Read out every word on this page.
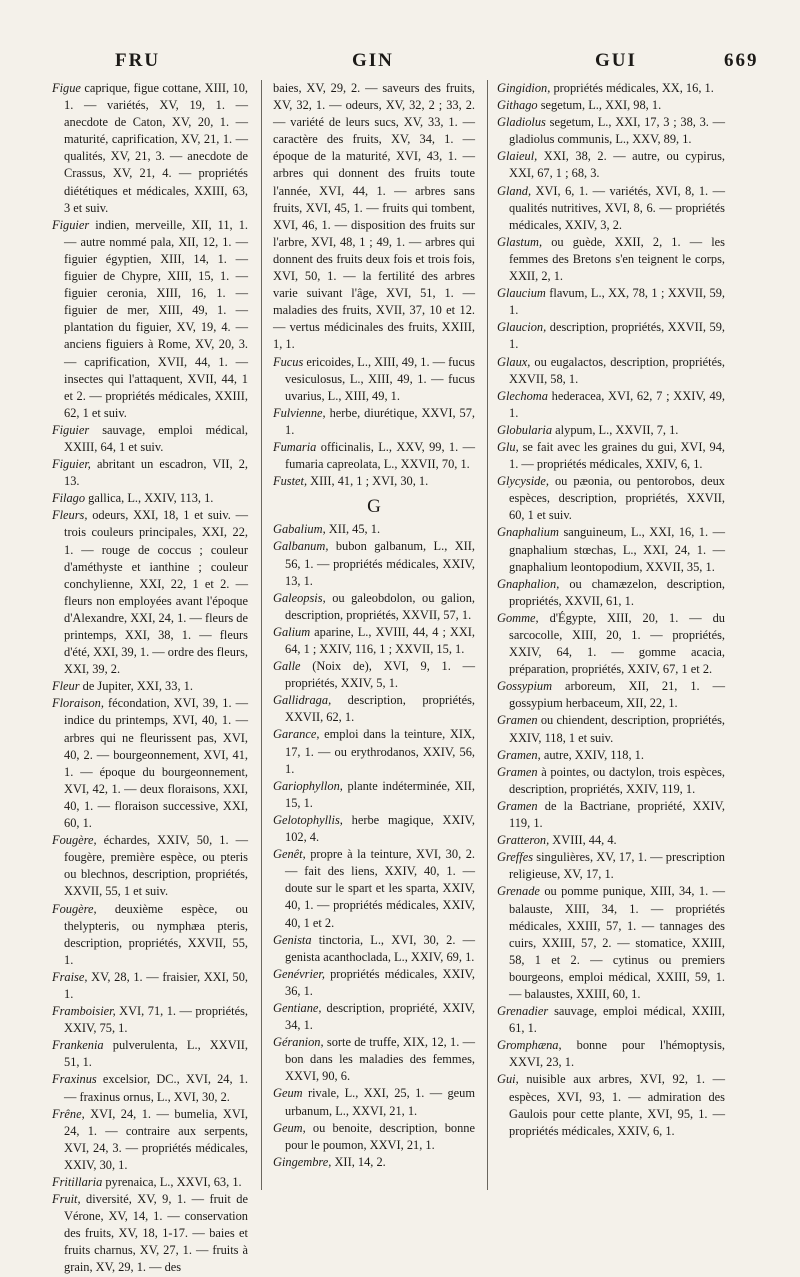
FRU	GIN	GUI	669

Figue caprique, figue cottane, XIII, 10, 1. — variétés, XV, 19, 1. — anecdote de Caton, XV, 20, 1. — maturité, caprification, XV, 21, 1. — qualités, XV, 21, 3. — anecdote de Crassus, XV, 21, 4. — propriétés diététiques et médicales, XXIII, 63, 3 et suiv.

Figuier indien, merveille, XII, 11, 1. — autre nommé pala, XII, 12, 1. — figuier égyptien, XIII, 14, 1. — figuier de Chypre, XIII, 15, 1. — figuier ceronia, XIII, 16, 1. — figuier de mer, XIII, 49, 1. — plantation du figuier, XV, 19, 4. — anciens figuiers à Rome, XV, 20, 3. — caprification, XVII, 44, 1. — insectes qui l'attaquent, XVII, 44, 1 et 2. — propriétés médicales, XXIII, 62, 1 et suiv.

Figuier sauvage, emploi médical, XXIII, 64, 1 et suiv.

Figuier, abritant un escadron, VII, 2, 13.

Filago gallica, L., XXIV, 113, 1.

Fleurs, odeurs, XXI, 18, 1 et suiv. — trois couleurs principales, XXI, 22, 1. — rouge de coccus ; couleur d'améthyste et ianthine ; couleur conchylienne, XXI, 22, 1 et 2. — fleurs non employées avant l'époque d'Alexandre, XXI, 24, 1. — fleurs de printemps, XXI, 38, 1. — fleurs d'été, XXI, 39, 1. — ordre des fleurs, XXI, 39, 2.

Fleur de Jupiter, XXI, 33, 1.

Floraison, fécondation, XVI, 39, 1. — indice du printemps, XVI, 40, 1. — arbres qui ne fleurissent pas, XVI, 40, 2. — bourgeonnement, XVI, 41, 1. — époque du bourgeonnement, XVI, 42, 1. — deux floraisons, XXI, 40, 1. — floraison successive, XXI, 60, 1.

Fougère, échardes, XXIV, 50, 1. — fougère, première espèce, ou pteris ou blechnos, description, propriétés, XXVII, 55, 1 et suiv.

Fougère, deuxième espèce, ou thelypteris, ou nymphæa pteris, description, propriétés, XXVII, 55, 1.

Fraise, XV, 28, 1. — fraisier, XXI, 50, 1.

Framboisier, XVI, 71, 1. — propriétés, XXIV, 75, 1.

Frankenia pulverulenta, L., XXVII, 51, 1.

Fraxinus excelsior, DC., XVI, 24, 1. — fraxinus ornus, L., XVI, 30, 2.

Frêne, XVI, 24, 1. — bumelia, XVI, 24, 1. — contraire aux serpents, XVI, 24, 3. — propriétés médicales, XXIV, 30, 1.

Fritillaria pyrenaica, L., XXVI, 63, 1.

Fruit, diversité, XV, 9, 1. — fruit de Vérone, XV, 14, 1. — conservation des fruits, XV, 18, 1-17. — baies et fruits charnus, XV, 27, 1. — fruits à grain, XV, 29, 1. — des

baies, XV, 29, 2. — saveurs des fruits, XV, 32, 1. — odeurs, XV, 32, 2 ; 33, 2. — variété de leurs sucs, XV, 33, 1. — caractère des fruits, XV, 34, 1. — époque de la maturité, XVI, 43, 1. — arbres qui donnent des fruits toute l'année, XVI, 44, 1. — arbres sans fruits, XVI, 45, 1. — fruits qui tombent, XVI, 46, 1. — disposition des fruits sur l'arbre, XVI, 48, 1 ; 49, 1. — arbres qui donnent des fruits deux fois et trois fois, XVI, 50, 1. — la fertilité des arbres varie suivant l'âge, XVI, 51, 1. — maladies des fruits, XVII, 37, 10 et 12. — vertus médicinales des fruits, XXIII, 1, 1.

Fucus ericoides, L., XIII, 49, 1. — fucus vesiculosus, L., XIII, 49, 1. — fucus uvarius, L., XIII, 49, 1.

Fulvienne, herbe, diurétique, XXVI, 57, 1.

Fumaria officinalis, L., XXV, 99, 1. — fumaria capreolata, L., XXVII, 70, 1.

Fustet, XIII, 41, 1 ; XVI, 30, 1.

G

Gabalium, XII, 45, 1.

Galbanum, bubon galbanum, L., XII, 56, 1. — propriétés médicales, XXIV, 13, 1.

Galeopsis, ou galeobdolon, ou galion, description, propriétés, XXVII, 57, 1.

Galium aparine, L., XVIII, 44, 4 ; XXI, 64, 1 ; XXIV, 116, 1 ; XXVII, 15, 1.

Galle (Noix de), XVI, 9, 1. — propriétés, XXIV, 5, 1.

Gallidraga, description, propriétés, XXVII, 62, 1.

Garance, emploi dans la teinture, XIX, 17, 1. — ou erythrodanos, XXIV, 56, 1.

Gariophyllon, plante indéterminée, XII, 15, 1.

Gelotophyllis, herbe magique, XXIV, 102, 4.

Genêt, propre à la teinture, XVI, 30, 2. — fait des liens, XXIV, 40, 1. — doute sur le spart et les sparta, XXIV, 40, 1. — propriétés médicales, XXIV, 40, 1 et 2.

Genista tinctoria, L., XVI, 30, 2. — genista acanthoclada, L., XXIV, 69, 1.

Genévrier, propriétés médicales, XXIV, 36, 1.

Gentiane, description, propriété, XXIV, 34, 1.

Géranion, sorte de truffe, XIX, 12, 1. — bon dans les maladies des femmes, XXVI, 90, 6.

Geum rivale, L., XXI, 25, 1. — geum urbanum, L., XXVI, 21, 1.

Geum, ou benoite, description, bonne pour le poumon, XXVI, 21, 1.

Gingembre, XII, 14, 2.

Gingidion, propriétés médicales, XX, 16, 1.

Githago segetum, L., XXI, 98, 1.

Gladiolus segetum, L., XXI, 17, 3 ; 38, 3. — gladiolus communis, L., XXV, 89, 1.

Glaieul, XXI, 38, 2. — autre, ou cypirus, XXI, 67, 1 ; 68, 3.

Gland, XVI, 6, 1. — variétés, XVI, 8, 1. — qualités nutritives, XVI, 8, 6. — propriétés médicales, XXIV, 3, 2.

Glastum, ou guède, XXII, 2, 1. — les femmes des Bretons s'en teignent le corps, XXII, 2, 1.

Glaucium flavum, L., XX, 78, 1 ; XXVII, 59, 1.

Glaucion, description, propriétés, XXVII, 59, 1.

Glaux, ou eugalactos, description, propriétés, XXVII, 58, 1.

Glechoma hederacea, XVI, 62, 7 ; XXIV, 49, 1.

Globularia alypum, L., XXVII, 7, 1.

Glu, se fait avec les graines du gui, XVI, 94, 1. — propriétés médicales, XXIV, 6, 1.

Glycyside, ou pæonia, ou pentorobos, deux espèces, description, propriétés, XXVII, 60, 1 et suiv.

Gnaphalium sanguineum, L., XXI, 16, 1. — gnaphalium stœchas, L., XXI, 24, 1. — gnaphalium leontopodium, XXVII, 35, 1.

Gnaphalion, ou chamæzelon, description, propriétés, XXVII, 61, 1.

Gomme, d'Égypte, XIII, 20, 1. — du sarcocolle, XIII, 20, 1. — propriétés, XXIV, 64, 1. — gomme acacia, préparation, propriétés, XXIV, 67, 1 et 2.

Gossypium arboreum, XII, 21, 1. — gossypium herbaceum, XII, 22, 1.

Gramen ou chiendent, description, propriétés, XXIV, 118, 1 et suiv.

Gramen, autre, XXIV, 118, 1.

Gramen à pointes, ou dactylon, trois espèces, description, propriétés, XXIV, 119, 1.

Gramen de la Bactriane, propriété, XXIV, 119, 1.

Gratteron, XVIII, 44, 4.

Greffes singulières, XV, 17, 1. — prescription religieuse, XV, 17, 1.

Grenade ou pomme punique, XIII, 34, 1. — balauste, XIII, 34, 1. — propriétés médicales, XXIII, 57, 1. — tannages des cuirs, XXIII, 57, 2. — stomatice, XXIII, 58, 1 et 2. — cytinus ou premiers bourgeons, emploi médical, XXIII, 59, 1. — balaustes, XXIII, 60, 1.

Grenadier sauvage, emploi médical, XXIII, 61, 1.

Gromphæna, bonne pour l'hémoptysis, XXVI, 23, 1.

Gui, nuisible aux arbres, XVI, 92, 1. — espèces, XVI, 93, 1. — admiration des Gaulois pour cette plante, XVI, 95, 1. — propriétés médicales, XXIV, 6, 1.
